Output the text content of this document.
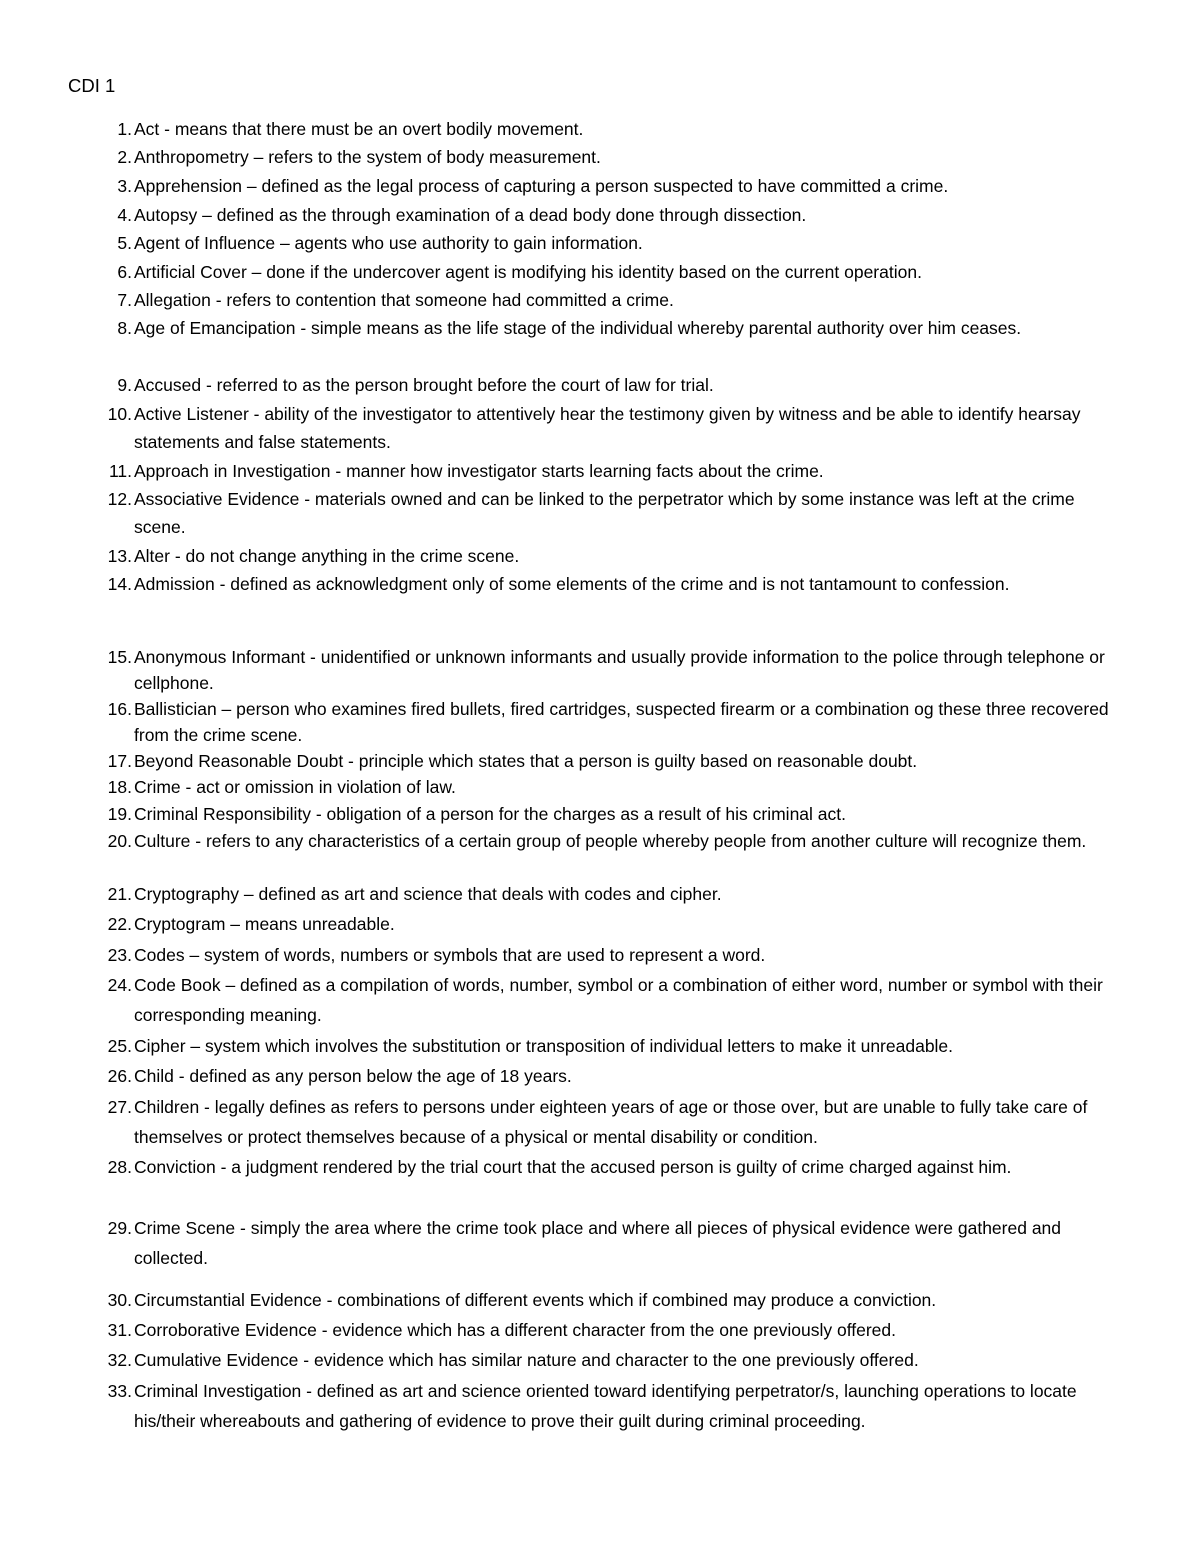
CDI 1
1. Act - means that there must be an overt bodily movement.
2. Anthropometry – refers to the system of body measurement.
3. Apprehension – defined as the legal process of capturing a person suspected to have committed a crime.
4. Autopsy – defined as the through examination of a dead body done through dissection.
5. Agent of Influence – agents who use authority to gain information.
6. Artificial Cover – done if the undercover agent is modifying his identity based on the current operation.
7. Allegation - refers to contention that someone had committed a crime.
8. Age of Emancipation - simple means as the life stage of the individual whereby parental authority over him ceases.
9. Accused - referred to as the person brought before the court of law for trial.
10. Active Listener - ability of the investigator to attentively hear the testimony given by witness and be able to identify hearsay statements and false statements.
11. Approach in Investigation - manner how investigator starts learning facts about the crime.
12. Associative Evidence - materials owned and can be linked to the perpetrator which by some instance was left at the crime scene.
13. Alter - do not change anything in the crime scene.
14. Admission - defined as acknowledgment only of some elements of the crime and is not tantamount to confession.
15. Anonymous Informant - unidentified or unknown informants and usually provide information to the police through telephone or cellphone.
16. Ballistician – person who examines fired bullets, fired cartridges, suspected firearm or a combination og these three recovered from the crime scene.
17. Beyond Reasonable Doubt - principle which states that a person is guilty based on reasonable doubt.
18. Crime - act or omission in violation of law.
19. Criminal Responsibility - obligation of a person for the charges as a result of his criminal act.
20. Culture - refers to any characteristics of a certain group of people whereby people from another culture will recognize them.
21. Cryptography – defined as art and science that deals with codes and cipher.
22. Cryptogram – means unreadable.
23. Codes – system of words, numbers or symbols that are used to represent a word.
24. Code Book – defined as a compilation of words, number, symbol or a combination of either word, number or symbol with their corresponding meaning.
25. Cipher – system which involves the substitution or transposition of individual letters to make it unreadable.
26. Child - defined as any person below the age of 18 years.
27. Children - legally defines as refers to persons under eighteen years of age or those over, but are unable to fully take care of themselves or protect themselves because of a physical or mental disability or condition.
28. Conviction - a judgment rendered by the trial court that the accused person is guilty of crime charged against him.
29. Crime Scene - simply the area where the crime took place and where all pieces of physical evidence were gathered and collected.
30. Circumstantial Evidence - combinations of different events which if combined may produce a conviction.
31. Corroborative Evidence - evidence which has a different character from the one previously offered.
32. Cumulative Evidence - evidence which has similar nature and character to the one previously offered.
33. Criminal Investigation - defined as art and science oriented toward identifying perpetrator/s, launching operations to locate his/their whereabouts and gathering of evidence to prove their guilt during criminal proceeding.
